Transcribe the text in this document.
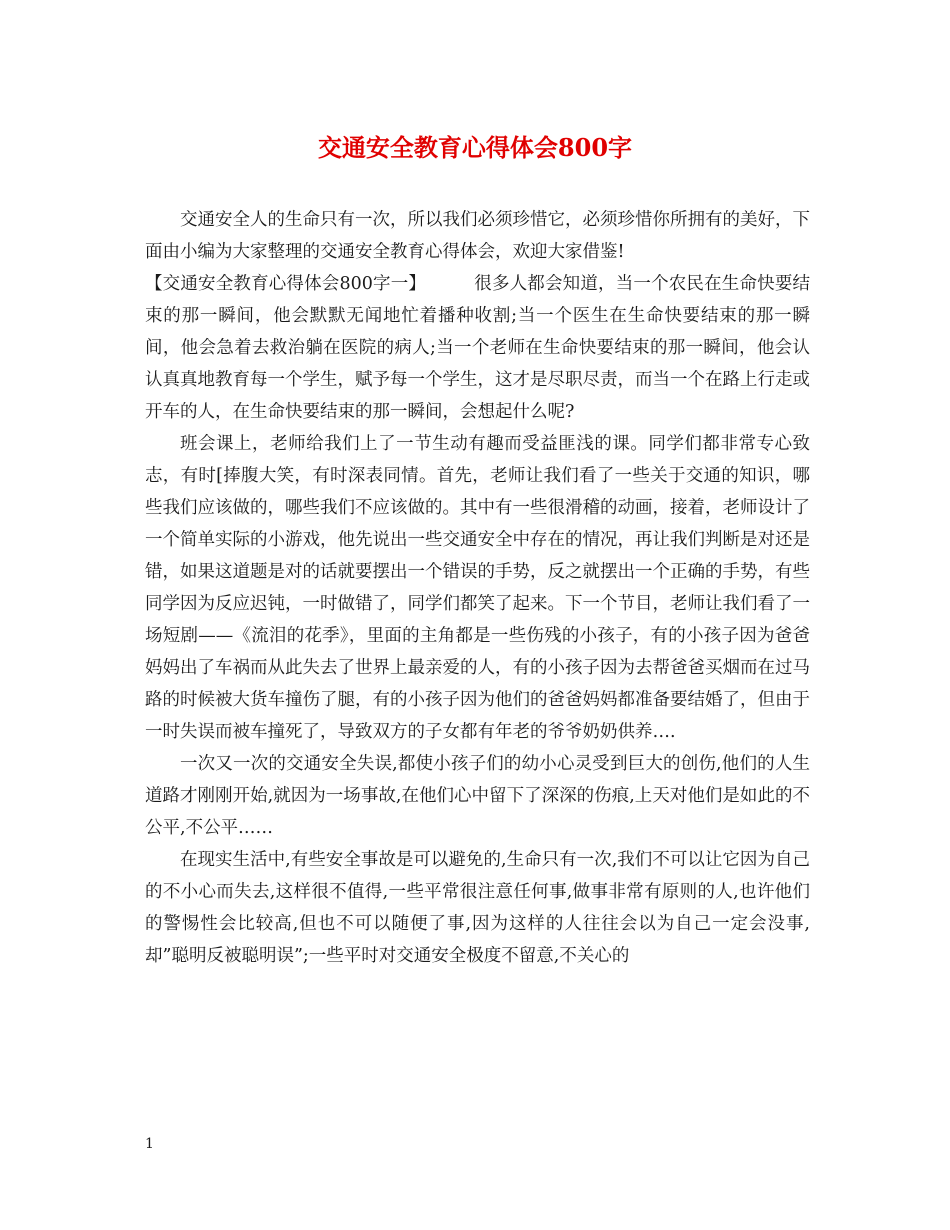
交通安全教育心得体会800字

交通安全人的生命只有一次，所以我们必须珍惜它，必须珍惜你所拥有的美好，下面由小编为大家整理的交通安全教育心得体会，欢迎大家借鉴!

【交通安全教育心得体会800字一】	很多人都会知道，当一个农民在生命快要结束的那一瞬间，他会默默无闻地忙着播种收割;当一个医生在生命快要结束的那一瞬间，他会急着去救治躺在医院的病人;当一个老师在生命快要结束的那一瞬间，他会认认真真地教育每一个学生，赋予每一个学生，这才是尽职尽责，而当一个在路上行走或开车的人，在生命快要结束的那一瞬间，会想起什么呢?

班会课上，老师给我们上了一节生动有趣而受益匪浅的课。同学们都非常专心致志，有时[捧腹大笑，有时深表同情。首先，老师让我们看了一些关于交通的知识，哪些我们应该做的，哪些我们不应该做的。其中有一些很滑稽的动画，接着，老师设计了一个简单实际的小游戏，他先说出一些交通安全中存在的情况，再让我们判断是对还是错，如果这道题是对的话就要摆出一个错误的手势，反之就摆出一个正确的手势，有些同学因为反应迟钝，一时做错了，同学们都笑了起来。下一个节目，老师让我们看了一场短剧——《流泪的花季》，里面的主角都是一些伤残的小孩子，有的小孩子因为爸爸妈妈出了车祸而从此失去了世界上最亲爱的人，有的小孩子因为去帮爸爸买烟而在过马路的时候被大货车撞伤了腿，有的小孩子因为他们的爸爸妈妈都准备要结婚了，但由于一时失误而被车撞死了，导致双方的子女都有年老的爷爷奶奶供养….

一次又一次的交通安全失误,都使小孩子们的幼小心灵受到巨大的创伤,他们的人生道路才刚刚开始,就因为一场事故,在他们心中留下了深深的伤痕,上天对他们是如此的不公平,不公平……

在现实生活中,有些安全事故是可以避免的,生命只有一次,我们不可以让它因为自己的不小心而失去,这样很不值得,一些平常很注意任何事,做事非常有原则的人,也许他们的警惕性会比较高,但也不可以随便了事,因为这样的人往往会以为自己一定会没事,却”聪明反被聪明误”;一些平时对交通安全极度不留意,不关心的

1
